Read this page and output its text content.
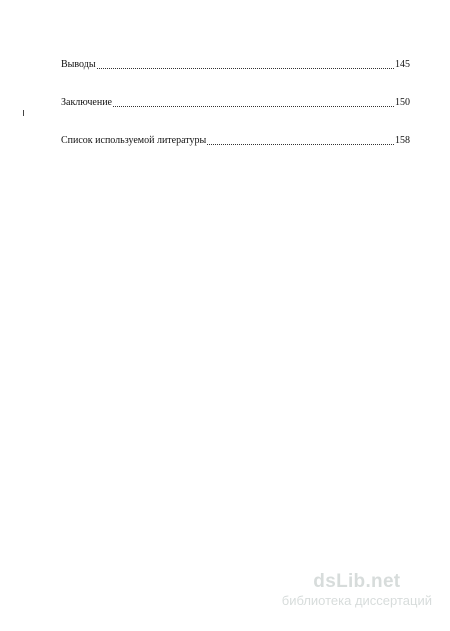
Выводы	145
Заключение	150
Список используемой литературы	158
dsLib.net
библиотека диссертаций
